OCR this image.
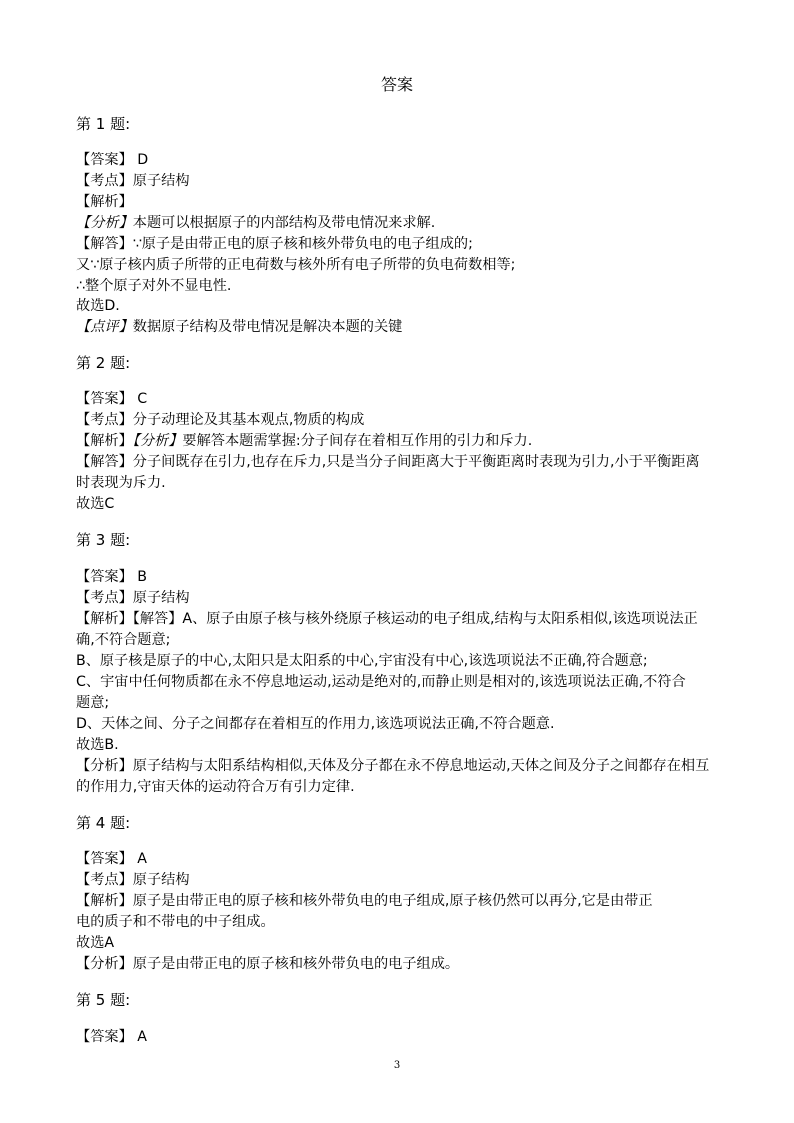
答案
第 1 题:
【答案】 D
【考点】原子结构
【解析】
【分析】本题可以根据原子的内部结构及带电情况来求解.
【解答】∵原子是由带正电的原子核和核外带负电的电子组成的;
又∵原子核内质子所带的正电荷数与核外所有电子所带的负电荷数相等;
∴整个原子对外不显电性.
故选D.
【点评】数据原子结构及带电情况是解决本题的关键
第 2 题:
【答案】 C
【考点】分子动理论及其基本观点,物质的构成
【解析】【分析】要解答本题需掌握:分子间存在着相互作用的引力和斥力.
【解答】分子间既存在引力,也存在斥力,只是当分子间距离大于平衡距离时表现为引力,小于平衡距离
时表现为斥力.
故选C
第 3 题:
【答案】 B
【考点】原子结构
【解析】【解答】A、原子由原子核与核外绕原子核运动的电子组成,结构与太阳系相似,该选项说法正
确,不符合题意;
B、原子核是原子的中心,太阳只是太阳系的中心,宇宙没有中心,该选项说法不正确,符合题意;
C、宇宙中任何物质都在永不停息地运动,运动是绝对的,而静止则是相对的,该选项说法正确,不符合
题意;
D、天体之间、分子之间都存在着相互的作用力,该选项说法正确,不符合题意.
故选B.
【分析】原子结构与太阳系结构相似,天体及分子都在永不停息地运动,天体之间及分子之间都存在相互
的作用力,守宙天体的运动符合万有引力定律.
第 4 题:
【答案】 A
【考点】原子结构
【解析】原子是由带正电的原子核和核外带负电的电子组成,原子核仍然可以再分,它是由带正
电的质子和不带电的中子组成。
故选A
【分析】原子是由带正电的原子核和核外带负电的电子组成。
第 5 题:
【答案】 A
3
